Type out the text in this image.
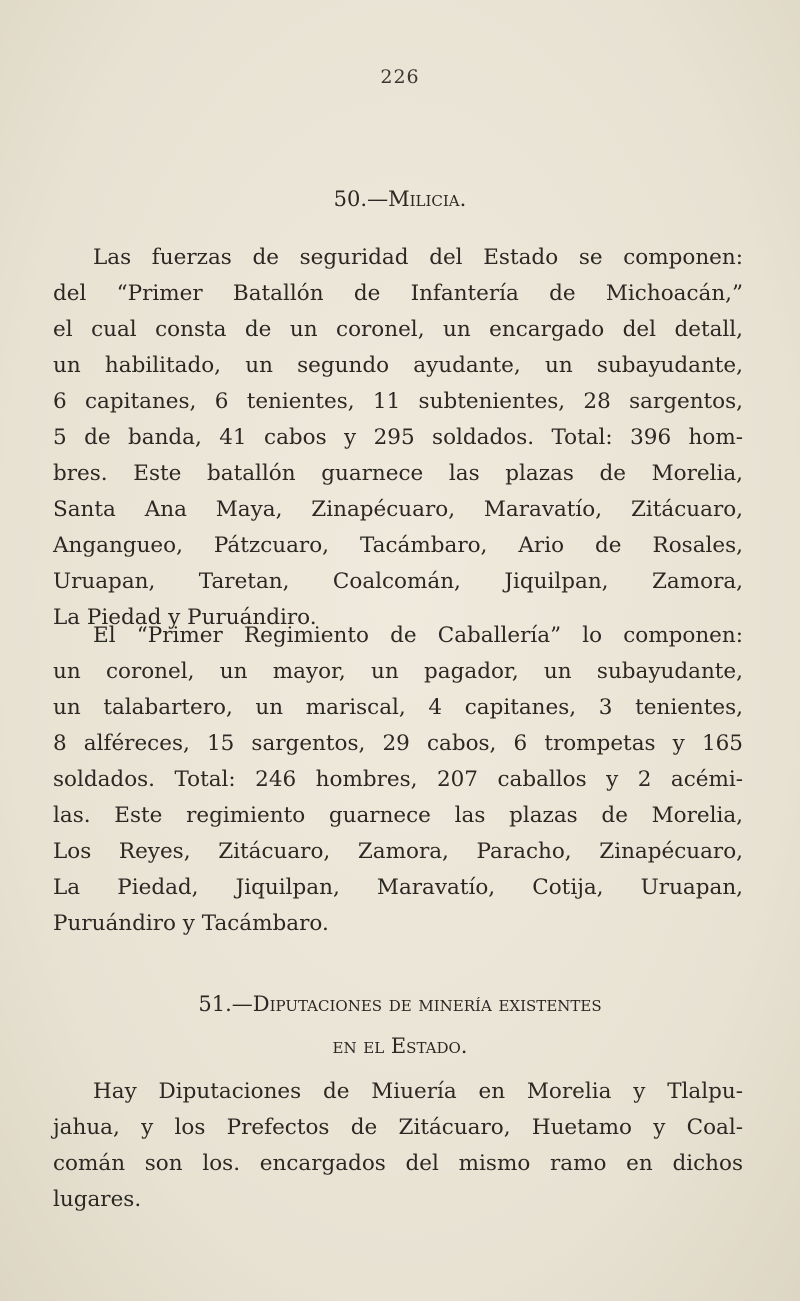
226
50.—Milicia.
Las fuerzas de seguridad del Estado se componen:
del “Primer Batallón de Infantería de Michoacán,”
el cual consta de un coronel, un encargado del detall,
un habilitado, un segundo ayudante, un subayudante,
6 capitanes, 6 tenientes, 11 subtenientes, 28 sargentos,
5 de banda, 41 cabos y 295 soldados. Total: 396 hom-
bres. Este batallón guarnece las plazas de Morelia,
Santa Ana Maya, Zinapécuaro, Maravatío, Zitácuaro,
Angangueo, Pátzcuaro, Tacámbaro, Ario de Rosales,
Uruapan, Taretan, Coalcomán, Jiquilpan, Zamora,
La Piedad y Puruándiro.
El “Primer Regimiento de Caballería” lo componen:
un coronel, un mayor, un pagador, un subayudante,
un talabartero, un mariscal, 4 capitanes, 3 tenientes,
8 alféreces, 15 sargentos, 29 cabos, 6 trompetas y 165
soldados. Total: 246 hombres, 207 caballos y 2 acémi-
las. Este regimiento guarnece las plazas de Morelia,
Los Reyes, Zitácuaro, Zamora, Paracho, Zinapécuaro,
La Piedad, Jiquilpan, Maravatío, Cotija, Uruapan,
Puruándiro y Tacámbaro.
51.—Diputaciones de minería existentes
en el Estado.
Hay Diputaciones de Miuería en Morelia y Tlalpu-
jahua, y los Prefectos de Zitácuaro, Huetamo y Coal-
comán son los. encargados del mismo ramo en dichos
lugares.
